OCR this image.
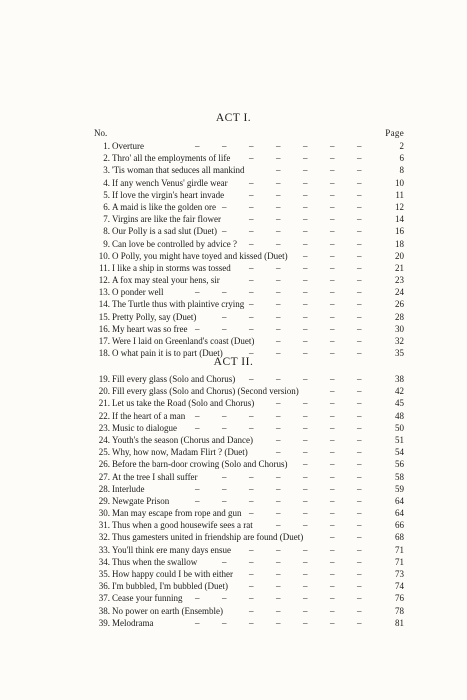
ACT I.
No.	Page
–	–	–	–	–	–	–
1. Overture	2
–	–	–	–	–
2. Thro' all the employments of life	6
–	–	–	–
3. 'Tis woman that seduces all mankind	8
–	–	–	–	–
4. If any wench Venus' girdle wear	10
–	–	–	–	–
5. If love the virgin's heart invade	11
–	–	–	–	–	–
6. A maid is like the golden ore	12
–	–	–	–	–
7. Virgins are like the fair flower	14
–	–	–	–	–	–
8. Our Polly is a sad slut (Duet)	16
–	–	–	–	–
9. Can love be controlled by advice ?	18
–	–	–
10. O Polly, you might have toyed and kissed (Duet)	20
–	–	–	–	–
11. I like a ship in storms was tossed	21
–	–	–	–	–
12. A fox may steal your hens, sir	23
–	–	–	–	–	–	–
13. O ponder well	24
–	–	–	–	–
14. The Turtle thus with plaintive crying	26
–	–	–	–	–	–
15. Pretty Polly, say (Duet)	28
–	–	–	–	–	–	–
16. My heart was so free	30
–	–	–	–
17. Were I laid on Greenland's coast (Duet)	32
–	–	–	–	–
18. O what pain it is to part (Duet)	35
ACT II.
–	–	–	–	–
19. Fill every glass (Solo and Chorus)	38
–	–
20. Fill every glass (Solo and Chorus) (Second version)	42
–	–	–	–
21. Let us take the Road (Solo and Chorus)	45
–	–	–	–	–	–	–
22. If the heart of a man	48
–	–	–	–	–	–	–
23. Music to dialogue	50
–	–	–	–
24. Youth's the season (Chorus and Dance)	51
–	–	–	–
25. Why, how now, Madam Flirt ? (Duet)	54
–	–	–
26. Before the barn-door crowing (Solo and Chorus)	56
–	–	–	–	–	–
27. At the tree I shall suffer	58
–	–	–	–	–	–	–
28. Interlude	59
–	–	–	–	–	–	–
29. Newgate Prison	64
–	–	–	–	–
30. Man may escape from rope and gun	64
–	–	–	–
31. Thus when a good housewife sees a rat	66
–	–
32. Thus gamesters united in friendship are found (Duet)	68
–	–	–	–	–
33. You'll think ere many days ensue	71
–	–	–	–	–	–
34. Thus when the swallow	71
–	–	–	–	–
35. How happy could I be with either	73
–	–	–	–	–
36. I'm bubbled, I'm bubbled (Duet)	74
–	–	–	–	–	–	–
37. Cease your funning	76
–	–	–	–	–
38. No power on earth (Ensemble)	78
–	–	–	–	–	–	–
39. Melodrama	81
